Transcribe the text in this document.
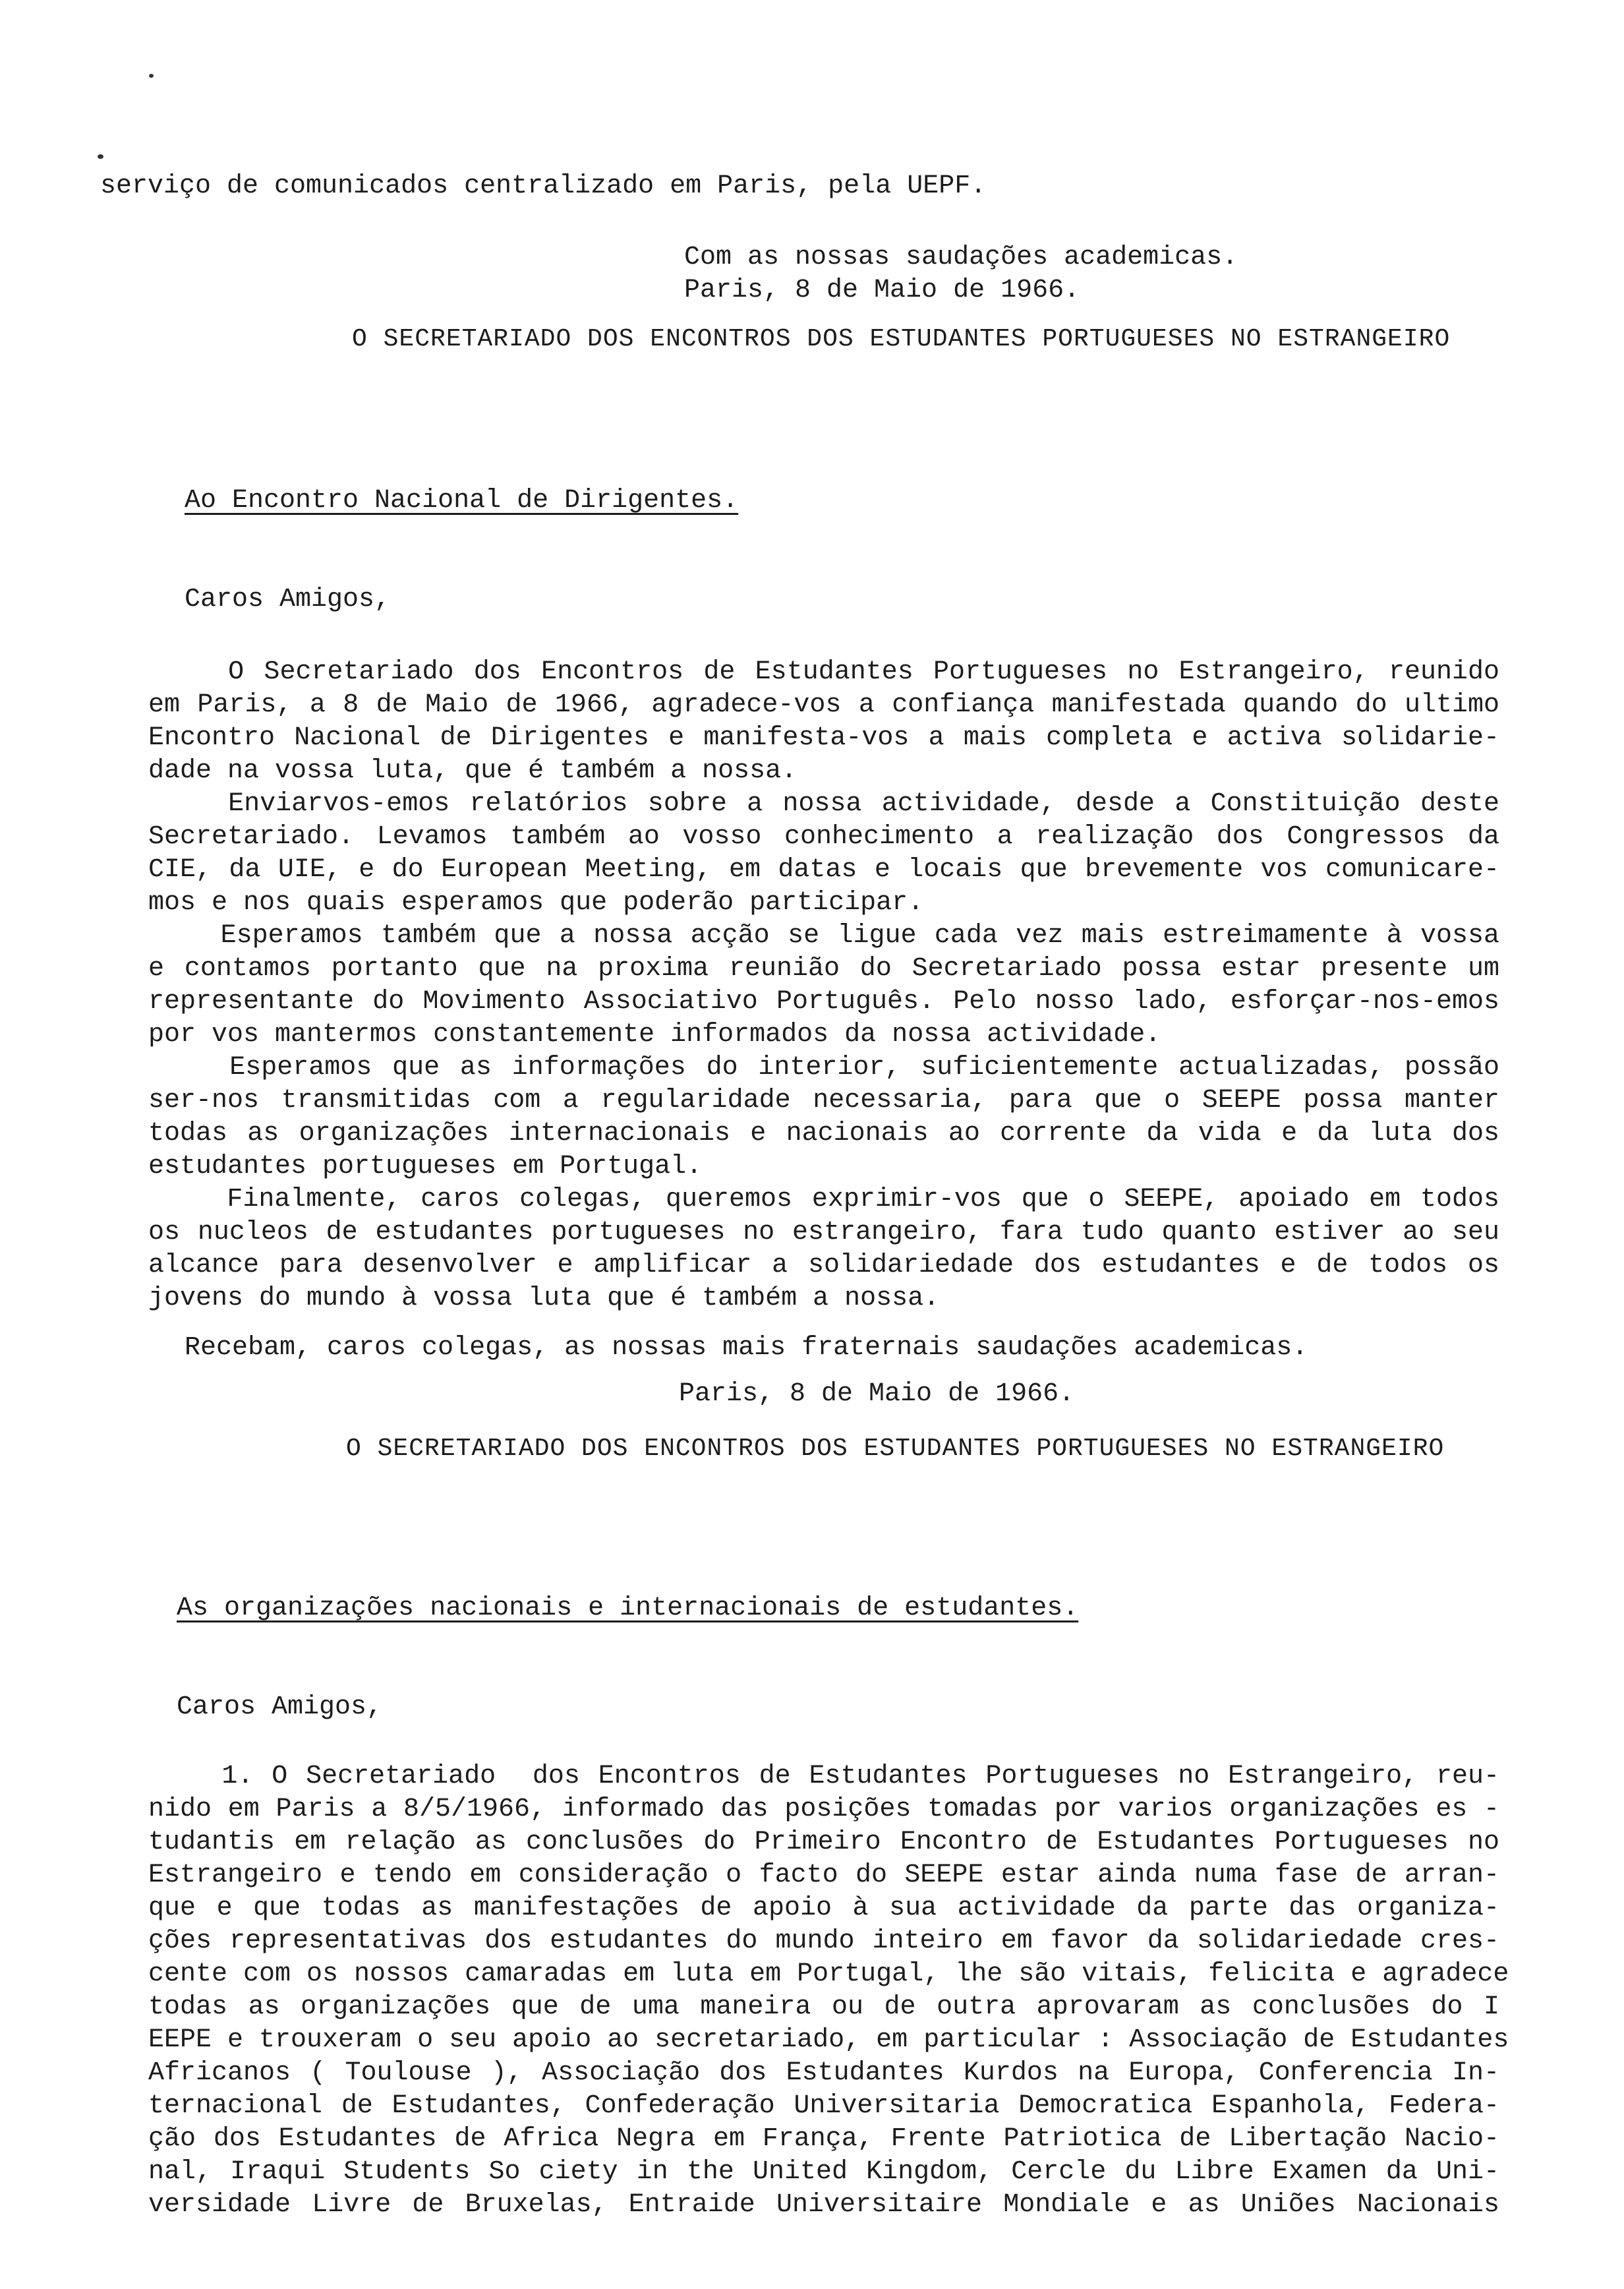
serviço de comunicados centralizado em Paris, pela UEPF.
Com as nossas saudações academicas.
Paris, 8 de Maio de 1966.
O SECRETARIADO DOS ENCONTROS DOS ESTUDANTES PORTUGUESES NO ESTRANGEIRO
Ao Encontro Nacional de Dirigentes.
Caros Amigos,
O Secretariado dos Encontros de Estudantes Portugueses no Estrangeiro, reunido
em Paris, a 8 de Maio de 1966, agradece-vos a confiança manifestada quando do ultimo
Encontro Nacional de Dirigentes e manifesta-vos a mais completa e activa solidarie-
dade na vossa luta, que é também a nossa.
Enviarvos-emos relatórios sobre a nossa actividade, desde a Constituição deste
Secretariado. Levamos também ao vosso conhecimento a realização dos Congressos da
CIE, da UIE, e do European Meeting, em datas e locais que brevemente vos comunicare-
mos e nos quais esperamos que poderão participar.
Esperamos também que a nossa acção se ligue cada vez mais estreimamente à vossa
e contamos portanto que na proxima reunião do Secretariado possa estar presente um
representante do Movimento Associativo Português. Pelo nosso lado, esforçar-nos-emos
por vos mantermos constantemente informados da nossa actividade.
Esperamos que as informações do interior, suficientemente actualizadas, possão
ser-nos transmitidas com a regularidade necessaria, para que o SEEPE possa manter
todas as organizações internacionais e nacionais ao corrente da vida e da luta dos
estudantes portugueses em Portugal.
Finalmente, caros colegas, queremos exprimir-vos que o SEEPE, apoiado em todos
os nucleos de estudantes portugueses no estrangeiro, fara tudo quanto estiver ao seu
alcance para desenvolver e amplificar a solidariedade dos estudantes e de todos os
jovens do mundo à vossa luta que é também a nossa.
Recebam, caros colegas, as nossas mais fraternais saudações academicas.
Paris, 8 de Maio de 1966.
O SECRETARIADO DOS ENCONTROS DOS ESTUDANTES PORTUGUESES NO ESTRANGEIRO
As organizações nacionais e internacionais de estudantes.
Caros Amigos,
1. O Secretariado  dos Encontros de Estudantes Portugueses no Estrangeiro, reu-
nido em Paris a 8/5/1966, informado das posições tomadas por varios organizações es -
tudantis em relação as conclusões do Primeiro Encontro de Estudantes Portugueses no
Estrangeiro e tendo em consideração o facto do SEEPE estar ainda numa fase de arran-
que e que todas as manifestações de apoio à sua actividade da parte das organiza-
ções representativas dos estudantes do mundo inteiro em favor da solidariedade cres-
cente com os nossos camaradas em luta em Portugal, lhe são vitais, felicita e agradece
todas as organizações que de uma maneira ou de outra aprovaram as conclusões do I
EEPE e trouxeram o seu apoio ao secretariado, em particular : Associação de Estudantes
Africanos ( Toulouse ), Associação dos Estudantes Kurdos na Europa, Conferencia In-
ternacional de Estudantes, Confederação Universitaria Democratica Espanhola, Federa-
ção dos Estudantes de Africa Negra em França, Frente Patriotica de Libertação Nacio-
nal, Iraqui Students So ciety in the United Kingdom, Cercle du Libre Examen da Uni-
versidade Livre de Bruxelas, Entraide Universitaire Mondiale e as Uniões Nacionais
